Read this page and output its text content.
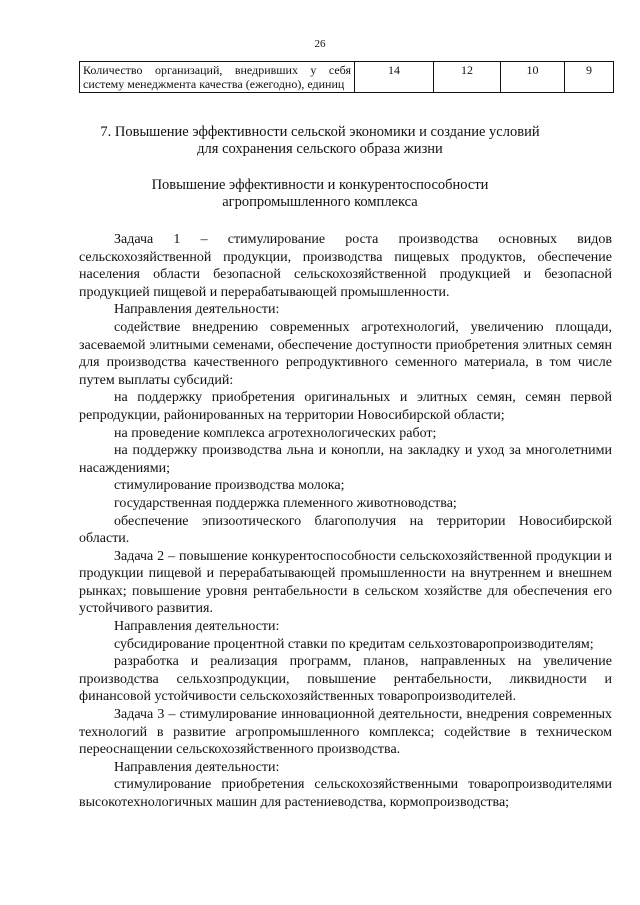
26
Количество организаций, внедривших у себя систему менеджмента качества (ежегодно), единиц	14	12	10	9
7. Повышение эффективности сельской экономики и создание условий
для сохранения сельского образа жизни
Повышение эффективности и конкурентоспособности
агропромышленного комплекса

Задача 1 – стимулирование роста производства основных видов сельскохозяйственной продукции, производства пищевых продуктов, обеспечение населения области безопасной сельскохозяйственной продукцией и безопасной продукцией пищевой и перерабатывающей промышленности.

Направления деятельности:

содействие внедрению современных агротехнологий, увеличению площади, засеваемой элитными семенами, обеспечение доступности приобретения элитных семян для производства качественного репродуктивного семенного материала, в том числе путем выплаты субсидий:

на поддержку приобретения оригинальных и элитных семян, семян первой репродукции, районированных на территории Новосибирской области;

на проведение комплекса агротехнологических работ;

на поддержку производства льна и конопли, на закладку и уход за многолетними насаждениями;

стимулирование производства молока;

государственная поддержка племенного животноводства;

обеспечение эпизоотического благополучия на территории Новосибирской области.

Задача 2 – повышение конкурентоспособности сельскохозяйственной продукции и продукции пищевой и перерабатывающей промышленности на внутреннем и внешнем рынках; повышение уровня рентабельности в сельском хозяйстве для обеспечения его устойчивого развития.

Направления деятельности:

субсидирование процентной ставки по кредитам сельхозтоваропроизводителям;

разработка и реализация программ, планов, направленных на увеличение производства сельхозпродукции, повышение рентабельности, ликвидности и финансовой устойчивости сельскохозяйственных товаропроизводителей.

Задача 3 – стимулирование инновационной деятельности, внедрения современных технологий в развитие агропромышленного комплекса; содействие в техническом переоснащении сельскохозяйственного производства.

Направления деятельности:

стимулирование приобретения сельскохозяйственными товаропроизводителями высокотехнологичных машин для растениеводства, кормопроизводства;
